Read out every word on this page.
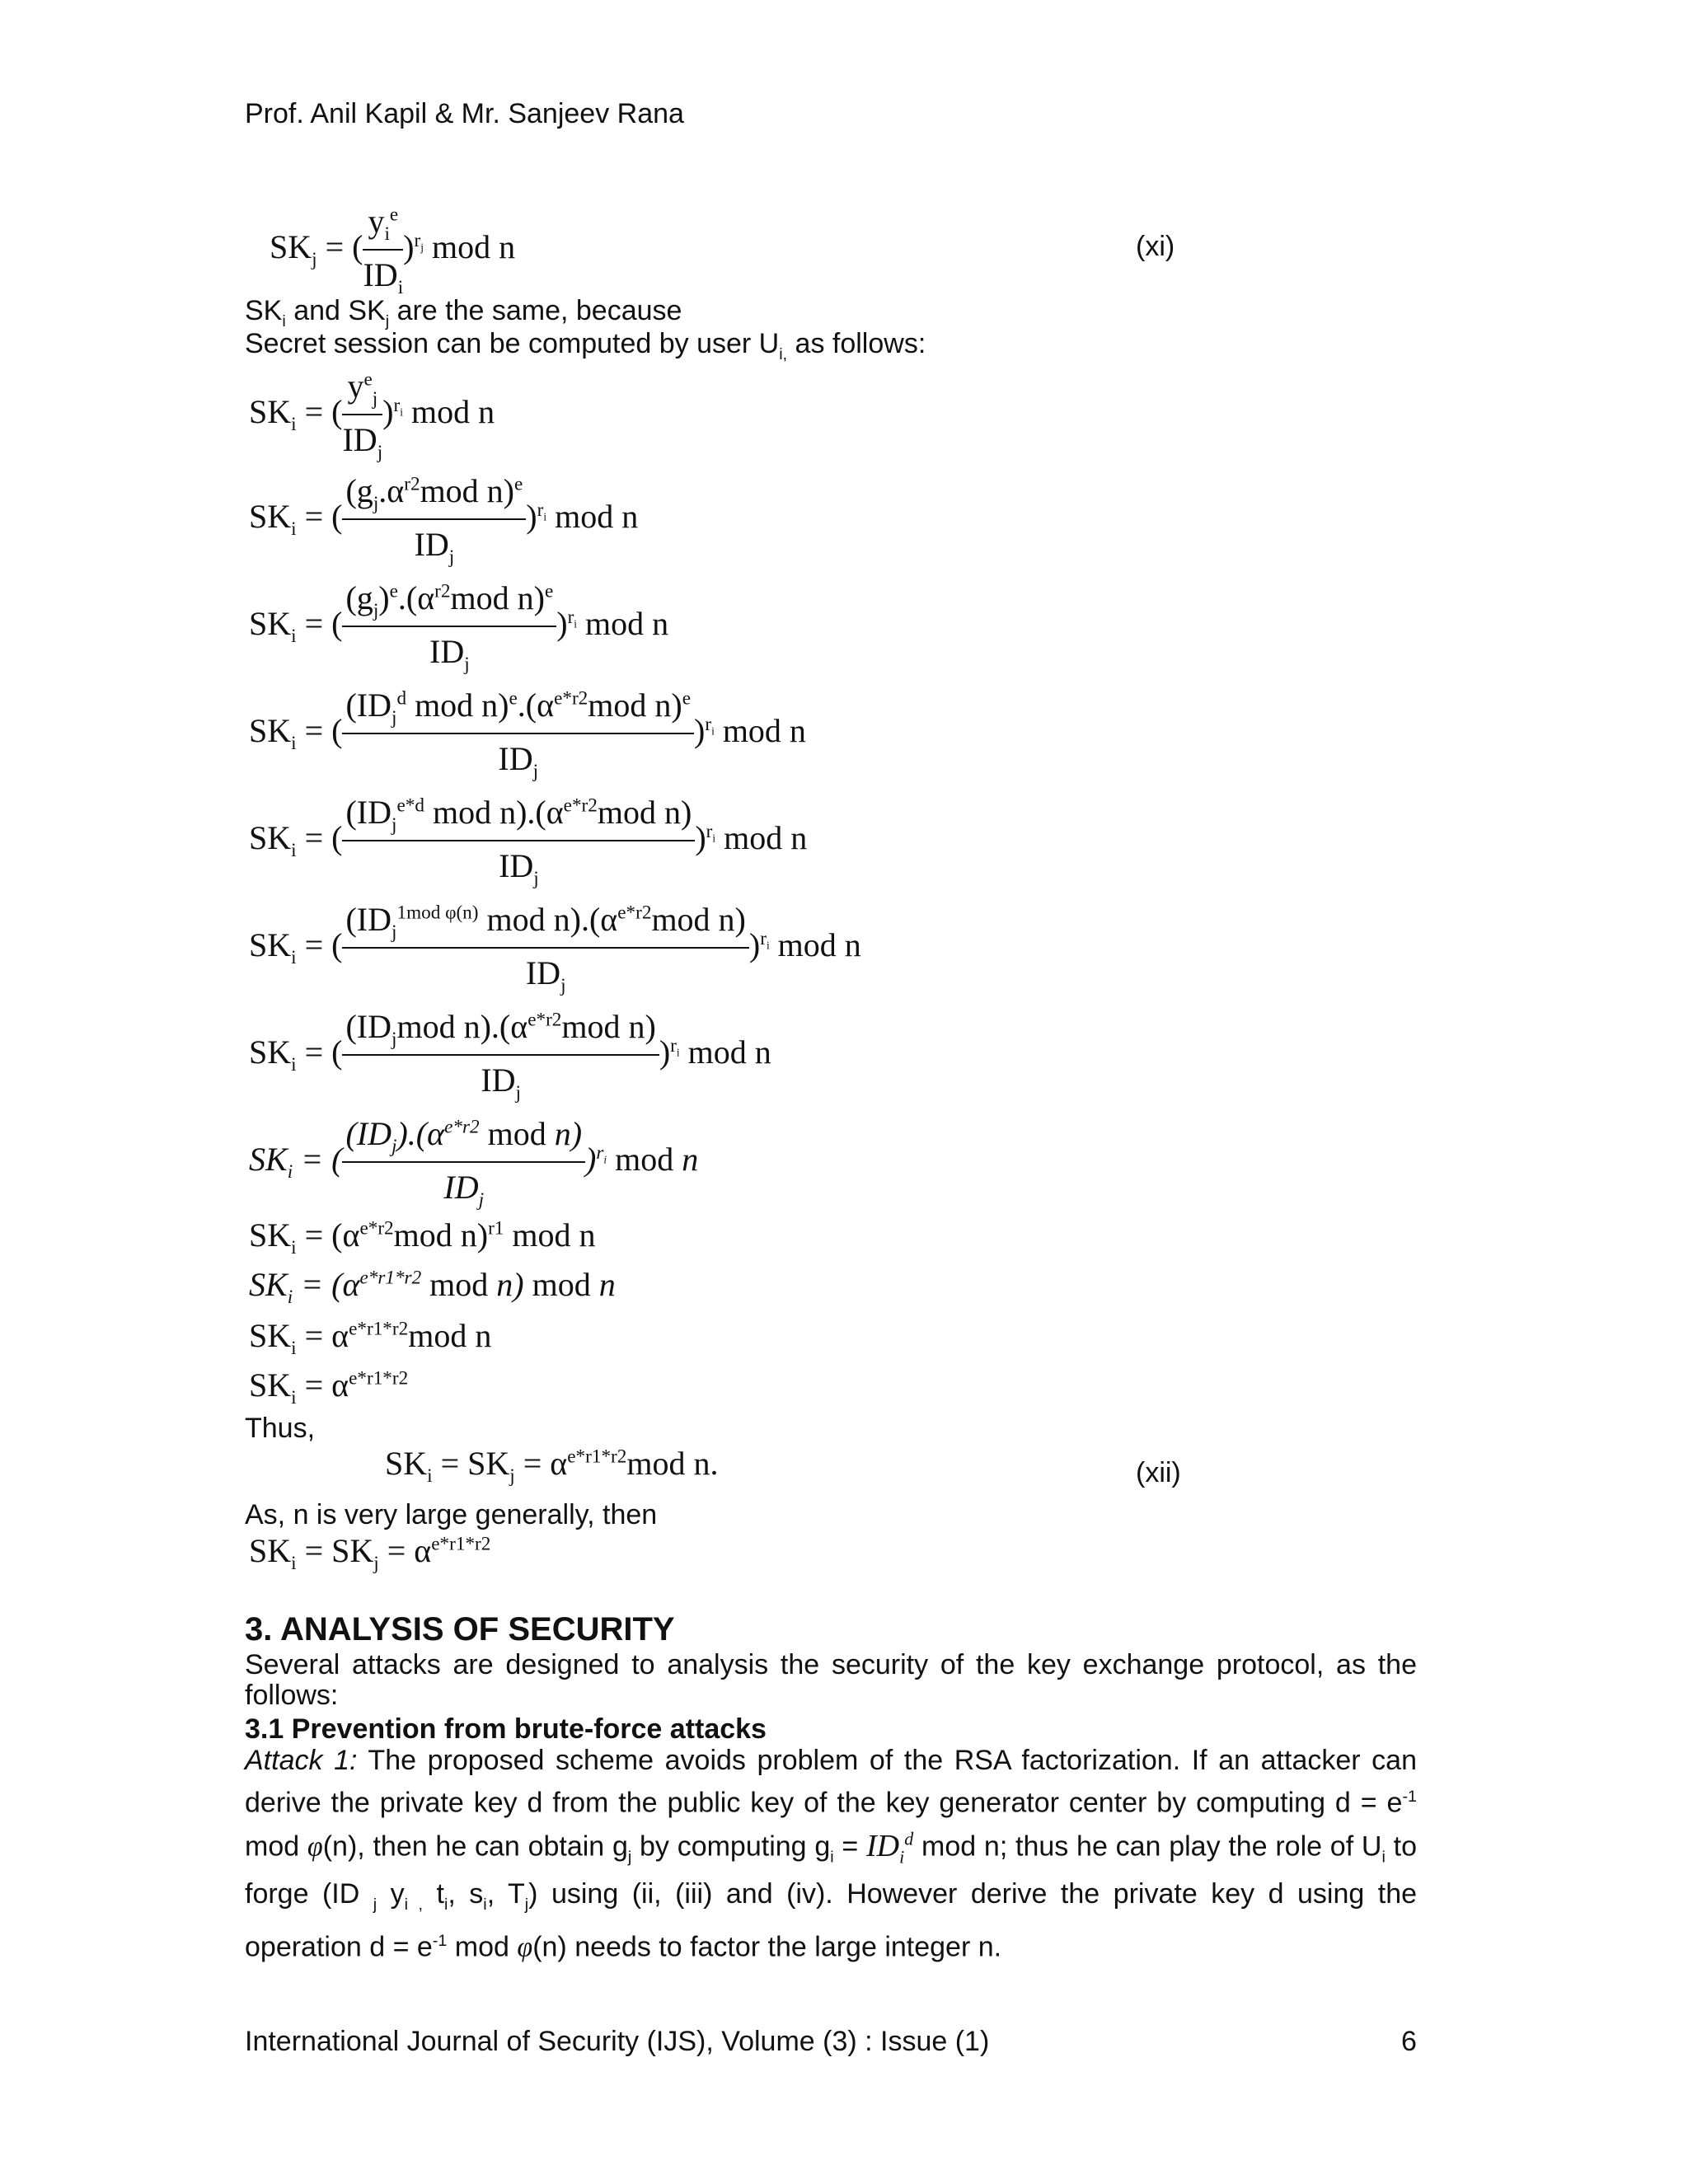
Prof. Anil Kapil & Mr. Sanjeev Rana
$SK_j$ = ( $\frac{y_i^e}{ID_i} )^{r_j}$ mod n	(xi)
$SK_i$ and $SK_j$ are the same, because
Secret session can be computed by user $U_{i,}$ as follows:
$SK_i$ = ( $\frac{y^e_j}{ID_j} )^{r_i}$ mod n
$SK_i$ = ( $\frac{(g_j.\alpha^{r2}mod n)^e}{ID_j} )^{r_i}$ mod n
$SK_i$ = ( $\frac{(g_j)^e.(\alpha^{r2}mod n)^e}{ID_j} )^{r_i}$ mod n
$SK_i$ = ( $\frac{(ID_j^d mod n)^e.(\alpha^{e*r2}mod n)^e}{ID_j} )^{r_i}$ mod n
$SK_i$ = ( $\frac{(ID_j^{e*d} mod n).(\alpha^{e*r2}mod n)}{ID_j} )^{r_i}$ mod n
$SK_i$ = ( $\frac{(ID_j^{1mod \varphi(n)} mod n).(\alpha^{e*r2}mod n)}{ID_j} )^{r_i}$ mod n
$SK_i$ = ( $\frac{(ID_jmod n).(\alpha^{e*r2}mod n)}{ID_j} )^{r_i}$ mod n
$SK_i$ = ( $\frac{(ID_j).(\alpha^{e*r2} mod n)}{ID_j} )^{r_i}$ mod n
$SK_i = (\alpha^{e*r2}mod$ n)$^{r1}$ mod n
$SK_i = (\alpha^{e*r1*r2}$ mod n) mod n
$SK_i = \alpha^{e*r1*r2}mod$ n
$SK_i = \alpha^{e*r1*r2}$
Thus,
$SK_i = SK_j = \alpha^{e*r1*r2}mod$ n.	(xii)
As, n is very large generally, then
$SK_i = SK_j = \alpha^{e*r1*r2}$
3. ANALYSIS OF SECURITY
Several attacks are designed to analysis the security of the key exchange protocol, as the follows:
3.1 Prevention from brute-force attacks
Attack 1: The proposed scheme avoids problem of the RSA factorization. If an attacker can derive the private key d from the public key of the key generator center by computing $d = e^{-1}$ mod φ(n), then he can obtain $g_j$ by computing $g_i = ID_i^d$ mod n; thus he can play the role of $U_i$ to forge (ID $_j$ $y_{i ,}$ $t_i$, $s_i$, $T_j$) using (ii, (iii) and (iv). However derive the private key d using the operation $d = e^{-1}$ mod φ(n) needs to factor the large integer n.
International Journal of Security (IJS), Volume (3) : Issue (1)	6
